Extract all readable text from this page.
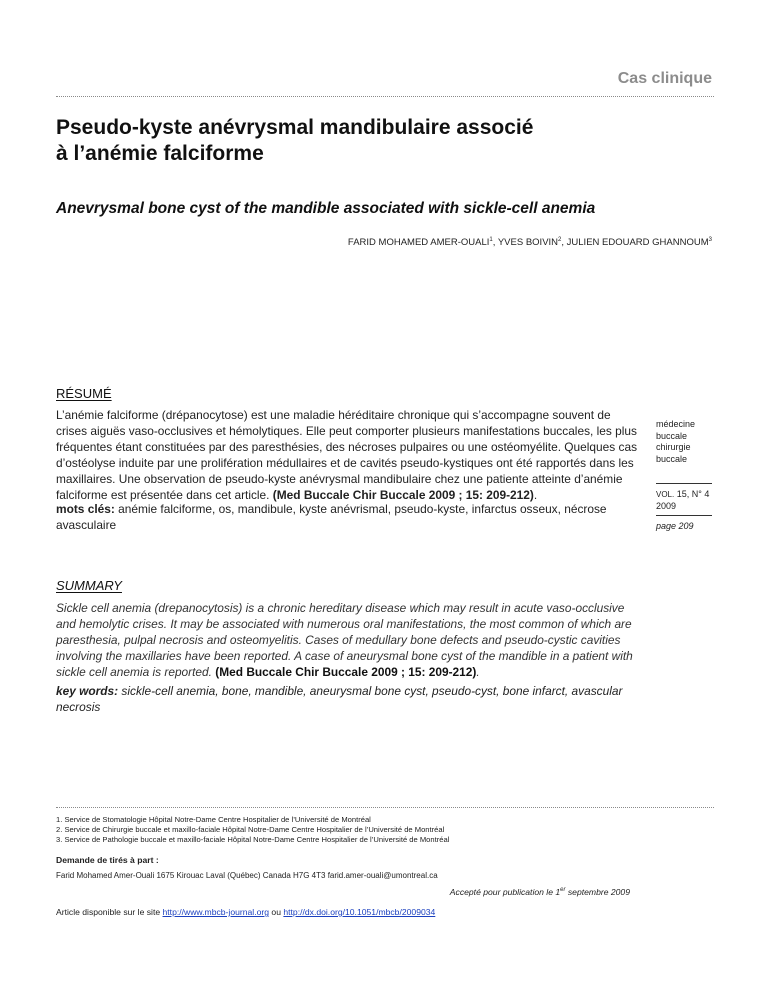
Cas clinique
Pseudo-kyste anévrysmal mandibulaire associé
à l’anémie falciforme
Anevrysmal bone cyst of the mandible associated with sickle-cell anemia
FARID MOHAMED AMER-OUALI$^1$, YVES BOIVIN$^2$, JULIEN EDOUARD GHANNOUM$^3$
RÉSUMÉ

L’anémie falciforme (drépanocytose) est une maladie héréditaire chronique qui s’accompagne souvent de crises aiguës vaso-occlusives et hémolytiques. Elle peut comporter plusieurs manifestations buccales, les plus fréquentes étant constituées par des paresthésies, des nécroses pulpaires ou une ostéomyélite. Quelques cas d’ostéolyse induite par une prolifération médullaires et de cavités pseudo-kystiques ont été rapportés dans les maxillaires. Une observation de pseudo-kyste anévrysmal mandibulaire chez une patiente atteinte d’anémie falciforme est présentée dans cet article. (Med Buccale Chir Buccale 2009 ; 15: 209-212).

mots clés: anémie falciforme, os, mandibule, kyste anévrismal, pseudo-kyste, infarctus osseux, nécrose avasculaire

médecine
buccale
chirurgie
buccale
VOL. 15, N° 4
2009
page 209
SUMMARY

Sickle cell anemia (drepanocytosis) is a chronic hereditary disease which may result in acute vaso-occlusive and hemolytic crises. It may be associated with numerous oral manifestations, the most common of which are paresthesia, pulpal necrosis and osteomyelitis. Cases of medullary bone defects and pseudo-cystic cavities involving the maxillaries have been reported. A case of aneurysmal bone cyst of the mandible in a patient with sickle cell anemia is reported. (Med Buccale Chir Buccale 2009 ; 15: 209-212).

key words: sickle-cell anemia, bone, mandible, aneurysmal bone cyst, pseudo-cyst, bone infarct, avascular necrosis

1. Service de Stomatologie Hôpital Notre-Dame Centre Hospitalier de l’Université de Montréal
2. Service de Chirurgie buccale et maxillo-faciale Hôpital Notre-Dame Centre Hospitalier de l’Université de Montréal
3. Service de Pathologie buccale et maxillo-faciale Hôpital Notre-Dame Centre Hospitalier de l’Université de Montréal
Demande de tirés à part :
Farid Mohamed Amer-Ouali 1675 Kirouac Laval (Québec) Canada H7G 4T3 farid.amer-ouali@umontreal.ca
Accepté pour publication le 1er septembre 2009
Article disponible sur le site http://www.mbcb-journal.org ou http://dx.doi.org/10.1051/mbcb/2009034
